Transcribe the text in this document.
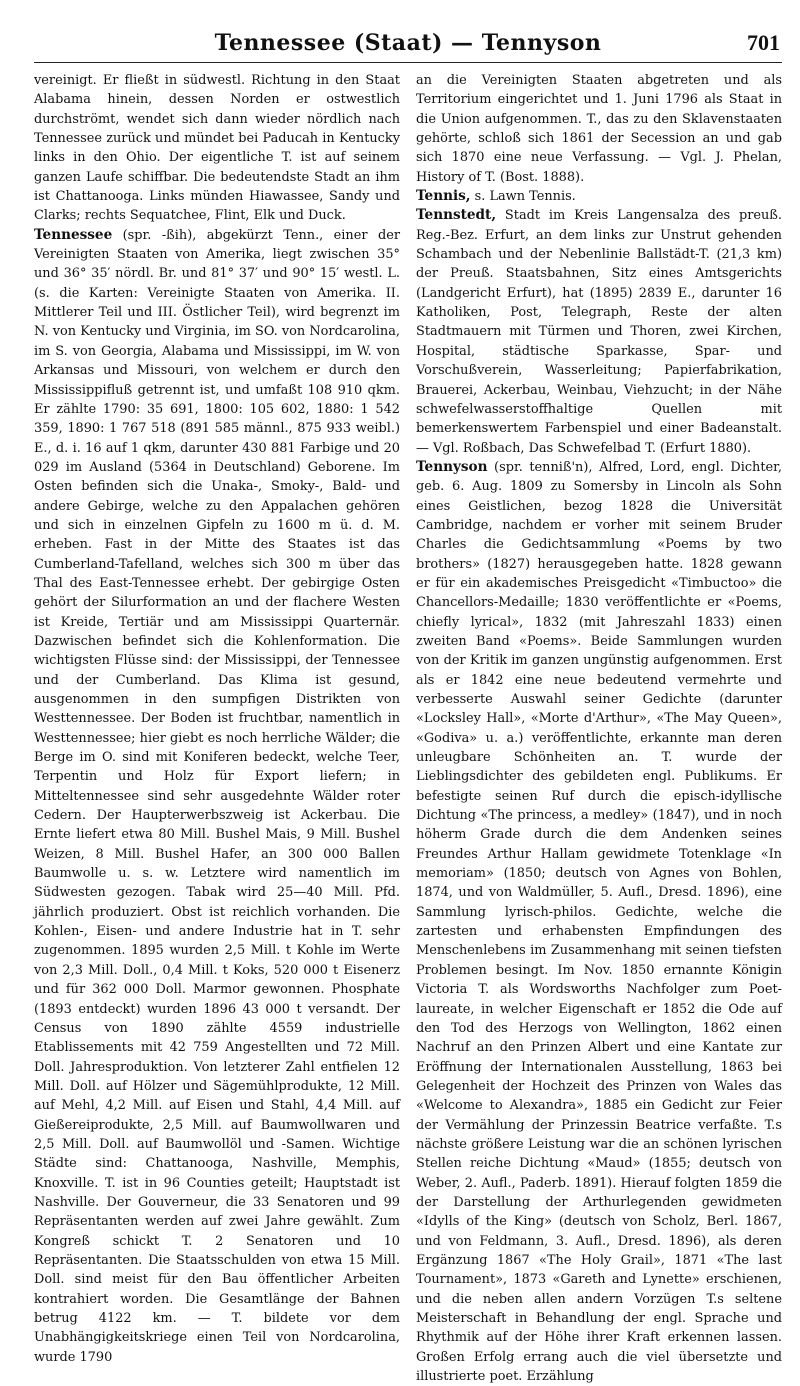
Tennessee (Staat) — Tennyson	701

vereinigt. Er fließt in südwestl. Richtung in den Staat Alabama hinein, dessen Norden er ostwestlich durchströmt, wendet sich dann wieder nördlich nach Tennessee zurück und mündet bei Paducah in Kentucky links in den Ohio. Der eigentliche T. ist auf seinem ganzen Laufe schiffbar. Die bedeutendste Stadt an ihm ist Chattanooga. Links münden Hiawassee, Sandy und Clarks; rechts Sequatchee, Flint, Elk und Duck.

Tennessee (spr. -ßih), abgekürzt Tenn., einer der Vereinigten Staaten von Amerika, liegt zwischen 35° und 36° 35′ nördl. Br. und 81° 37′ und 90° 15′ westl. L. (s. die Karten: Vereinigte Staaten von Amerika. II. Mittlerer Teil und III. Östlicher Teil), wird begrenzt im N. von Kentucky und Virginia, im SO. von Nordcarolina, im S. von Georgia, Alabama und Mississippi, im W. von Arkansas und Missouri, von welchem er durch den Mississippifluß getrennt ist, und umfaßt 108 910 qkm. Er zählte 1790: 35 691, 1800: 105 602, 1880: 1 542 359, 1890: 1 767 518 (891 585 männl., 875 933 weibl.) E., d. i. 16 auf 1 qkm, darunter 430 881 Farbige und 20 029 im Ausland (5364 in Deutschland) Geborene. Im Osten befinden sich die Unaka-, Smoky-, Bald- und andere Gebirge, welche zu den Appalachen gehören und sich in einzelnen Gipfeln zu 1600 m ü. d. M. erheben. Fast in der Mitte des Staates ist das Cumberland-Tafelland, welches sich 300 m über das Thal des East-Tennessee erhebt. Der gebirgige Osten gehört der Silurformation an und der flachere Westen ist Kreide, Tertiär und am Mississippi Quarternär. Dazwischen befindet sich die Kohlenformation. Die wichtigsten Flüsse sind: der Mississippi, der Tennessee und der Cumberland. Das Klima ist gesund, ausgenommen in den sumpfigen Distrikten von Westtennessee. Der Boden ist fruchtbar, namentlich in Westtennessee; hier giebt es noch herrliche Wälder; die Berge im O. sind mit Koniferen bedeckt, welche Teer, Terpentin und Holz für Export liefern; in Mitteltennessee sind sehr ausgedehnte Wälder roter Cedern. Der Haupterwerbszweig ist Ackerbau. Die Ernte liefert etwa 80 Mill. Bushel Mais, 9 Mill. Bushel Weizen, 8 Mill. Bushel Hafer, an 300 000 Ballen Baumwolle u. s. w. Letztere wird namentlich im Südwesten gezogen. Tabak wird 25—40 Mill. Pfd. jährlich produziert. Obst ist reichlich vorhanden. Die Kohlen-, Eisen- und andere Industrie hat in T. sehr zugenommen. 1895 wurden 2,5 Mill. t Kohle im Werte von 2,3 Mill. Doll., 0,4 Mill. t Koks, 520 000 t Eisenerz und für 362 000 Doll. Marmor gewonnen. Phosphate (1893 entdeckt) wurden 1896 43 000 t versandt. Der Census von 1890 zählte 4559 industrielle Etablissements mit 42 759 Angestellten und 72 Mill. Doll. Jahresproduktion. Von letzterer Zahl entfielen 12 Mill. Doll. auf Hölzer und Sägemühlprodukte, 12 Mill. auf Mehl, 4,2 Mill. auf Eisen und Stahl, 4,4 Mill. auf Gießereiprodukte, 2,5 Mill. auf Baumwollwaren und 2,5 Mill. Doll. auf Baumwollöl und -Samen. Wichtige Städte sind: Chattanooga, Nashville, Memphis, Knoxville. T. ist in 96 Counties geteilt; Hauptstadt ist Nashville. Der Gouverneur, die 33 Senatoren und 99 Repräsentanten werden auf zwei Jahre gewählt. Zum Kongreß schickt T. 2 Senatoren und 10 Repräsentanten. Die Staatsschulden von etwa 15 Mill. Doll. sind meist für den Bau öffentlicher Arbeiten kontrahiert worden. Die Gesamtlänge der Bahnen betrug 4122 km. — T. bildete vor dem Unabhängigkeitskriege einen Teil von Nordcarolina, wurde 1790

an die Vereinigten Staaten abgetreten und als Territorium eingerichtet und 1. Juni 1796 als Staat in die Union aufgenommen. T., das zu den Sklavenstaaten gehörte, schloß sich 1861 der Secession an und gab sich 1870 eine neue Verfassung. — Vgl. J. Phelan, History of T. (Bost. 1888).

Tennis, s. Lawn Tennis.

Tennstedt, Stadt im Kreis Langensalza des preuß. Reg.-Bez. Erfurt, an dem links zur Unstrut gehenden Schambach und der Nebenlinie Ballstädt-T. (21,3 km) der Preuß. Staatsbahnen, Sitz eines Amtsgerichts (Landgericht Erfurt), hat (1895) 2839 E., darunter 16 Katholiken, Post, Telegraph, Reste der alten Stadtmauern mit Türmen und Thoren, zwei Kirchen, Hospital, städtische Sparkasse, Spar- und Vorschußverein, Wasserleitung; Papierfabrikation, Brauerei, Ackerbau, Weinbau, Viehzucht; in der Nähe schwefelwasserstoffhaltige Quellen mit bemerkenswertem Farbenspiel und einer Badeanstalt. — Vgl. Roßbach, Das Schwefelbad T. (Erfurt 1880).

Tennyson (spr. tenniß'n), Alfred, Lord, engl. Dichter, geb. 6. Aug. 1809 zu Somersby in Lincoln als Sohn eines Geistlichen, bezog 1828 die Universität Cambridge, nachdem er vorher mit seinem Bruder Charles die Gedichtsammlung «Poems by two brothers» (1827) herausgegeben hatte. 1828 gewann er für ein akademisches Preisgedicht «Timbuctoo» die Chancellors-Medaille; 1830 veröffentlichte er «Poems, chiefly lyrical», 1832 (mit Jahreszahl 1833) einen zweiten Band «Poems». Beide Sammlungen wurden von der Kritik im ganzen ungünstig aufgenommen. Erst als er 1842 eine neue bedeutend vermehrte und verbesserte Auswahl seiner Gedichte (darunter «Locksley Hall», «Morte d'Arthur», «The May Queen», «Godiva» u. a.) veröffentlichte, erkannte man deren unleugbare Schönheiten an. T. wurde der Lieblingsdichter des gebildeten engl. Publikums. Er befestigte seinen Ruf durch die episch-idyllische Dichtung «The princess, a medley» (1847), und in noch höherm Grade durch die dem Andenken seines Freundes Arthur Hallam gewidmete Totenklage «In memoriam» (1850; deutsch von Agnes von Bohlen, 1874, und von Waldmüller, 5. Aufl., Dresd. 1896), eine Sammlung lyrisch-philos. Gedichte, welche die zartesten und erhabensten Empfindungen des Menschenlebens im Zusammenhang mit seinen tiefsten Problemen besingt. Im Nov. 1850 ernannte Königin Victoria T. als Wordsworths Nachfolger zum Poet-laureate, in welcher Eigenschaft er 1852 die Ode auf den Tod des Herzogs von Wellington, 1862 einen Nachruf an den Prinzen Albert und eine Kantate zur Eröffnung der Internationalen Ausstellung, 1863 bei Gelegenheit der Hochzeit des Prinzen von Wales das «Welcome to Alexandra», 1885 ein Gedicht zur Feier der Vermählung der Prinzessin Beatrice verfaßte. T.s nächste größere Leistung war die an schönen lyrischen Stellen reiche Dichtung «Maud» (1855; deutsch von Weber, 2. Aufl., Paderb. 1891). Hierauf folgten 1859 die der Darstellung der Arthurlegenden gewidmeten «Idylls of the King» (deutsch von Scholz, Berl. 1867, und von Feldmann, 3. Aufl., Dresd. 1896), als deren Ergänzung 1867 «The Holy Grail», 1871 «The last Tournament», 1873 «Gareth and Lynette» erschienen, und die neben allen andern Vorzügen T.s seltene Meisterschaft in Behandlung der engl. Sprache und Rhythmik auf der Höhe ihrer Kraft erkennen lassen. Großen Erfolg errang auch die viel übersetzte und illustrierte poet. Erzählung
